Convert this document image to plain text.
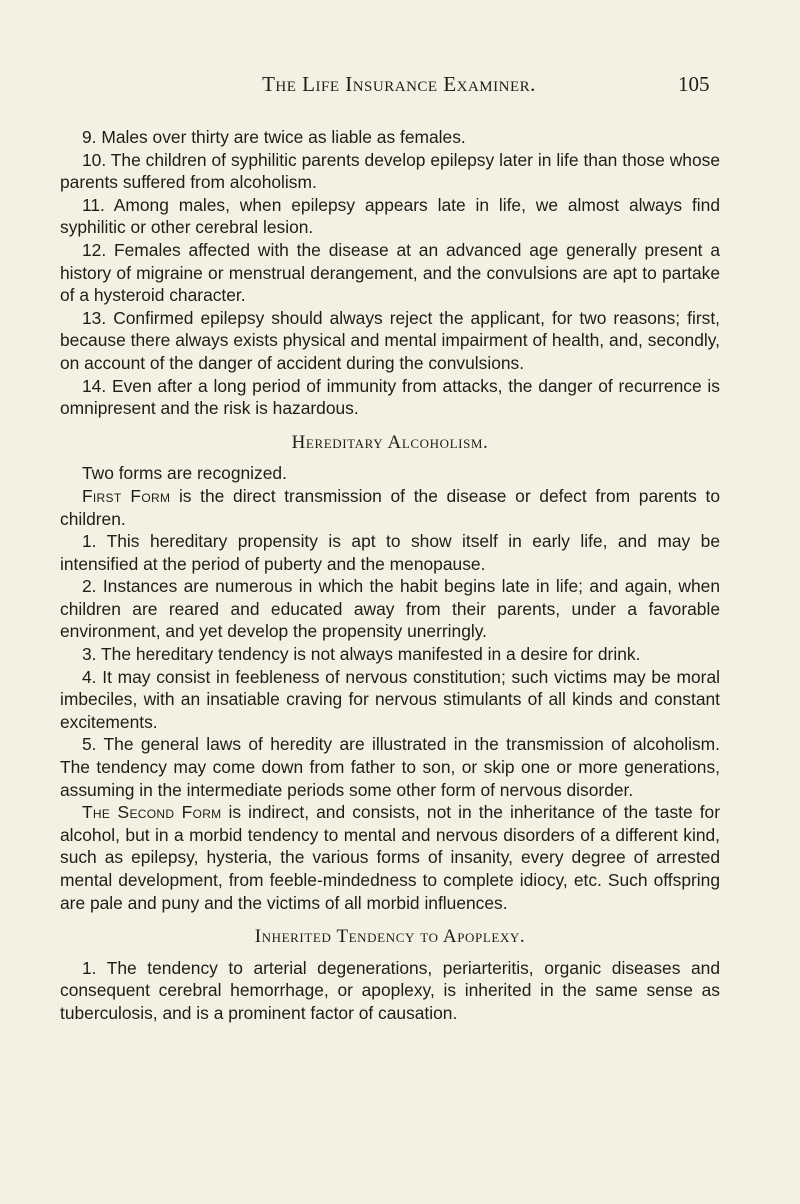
The Life Insurance Examiner.	105

9. Males over thirty are twice as liable as females.

10. The children of syphilitic parents develop epilepsy later in life than those whose parents suffered from alcoholism.

11. Among males, when epilepsy appears late in life, we almost always find syphilitic or other cerebral lesion.

12. Females affected with the disease at an advanced age generally present a history of migraine or menstrual derangement, and the convulsions are apt to partake of a hysteroid character.

13. Confirmed epilepsy should always reject the applicant, for two reasons; first, because there always exists physical and mental impairment of health, and, secondly, on account of the danger of accident during the convulsions.

14. Even after a long period of immunity from attacks, the danger of recurrence is omnipresent and the risk is hazardous.

Hereditary Alcoholism.

Two forms are recognized.

First Form is the direct transmission of the disease or defect from parents to children.

1. This hereditary propensity is apt to show itself in early life, and may be intensified at the period of puberty and the menopause.

2. Instances are numerous in which the habit begins late in life; and again, when children are reared and educated away from their parents, under a favorable environment, and yet develop the propensity unerringly.

3. The hereditary tendency is not always manifested in a desire for drink.

4. It may consist in feebleness of nervous constitution; such victims may be moral imbeciles, with an insatiable craving for nervous stimulants of all kinds and constant excitements.

5. The general laws of heredity are illustrated in the transmission of alcoholism. The tendency may come down from father to son, or skip one or more generations, assuming in the intermediate periods some other form of nervous disorder.

The Second Form is indirect, and consists, not in the inheritance of the taste for alcohol, but in a morbid tendency to mental and nervous disorders of a different kind, such as epilepsy, hysteria, the various forms of insanity, every degree of arrested mental development, from feeble-mindedness to complete idiocy, etc. Such offspring are pale and puny and the victims of all morbid influences.

Inherited Tendency to Apoplexy.

1. The tendency to arterial degenerations, periarteritis, organic diseases and consequent cerebral hemorrhage, or apoplexy, is inherited in the same sense as tuberculosis, and is a prominent factor of causation.
